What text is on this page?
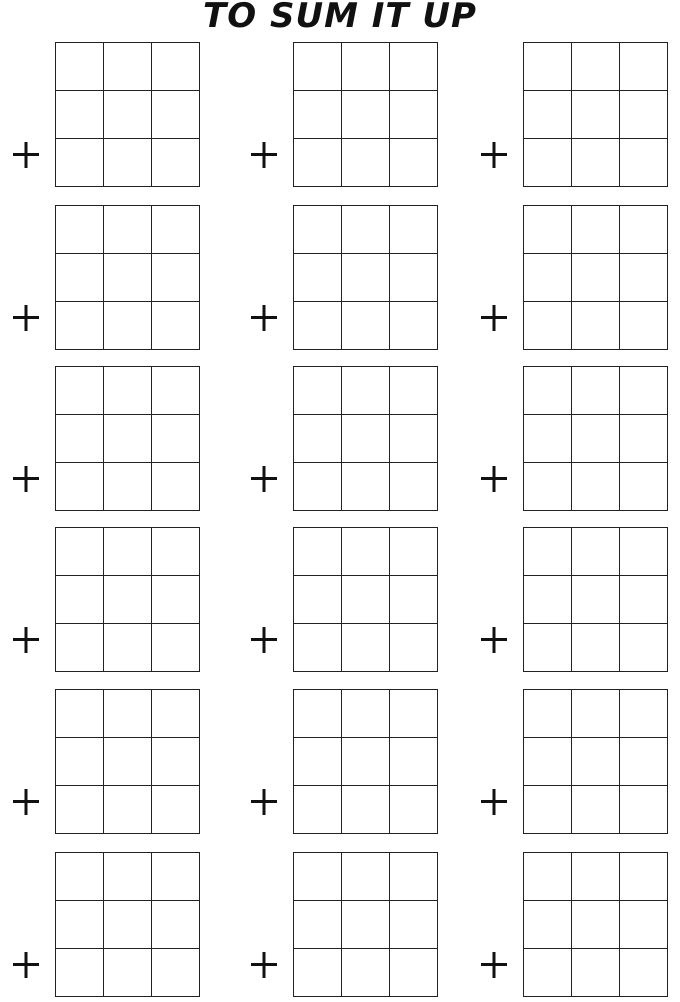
TO SUM IT UP
